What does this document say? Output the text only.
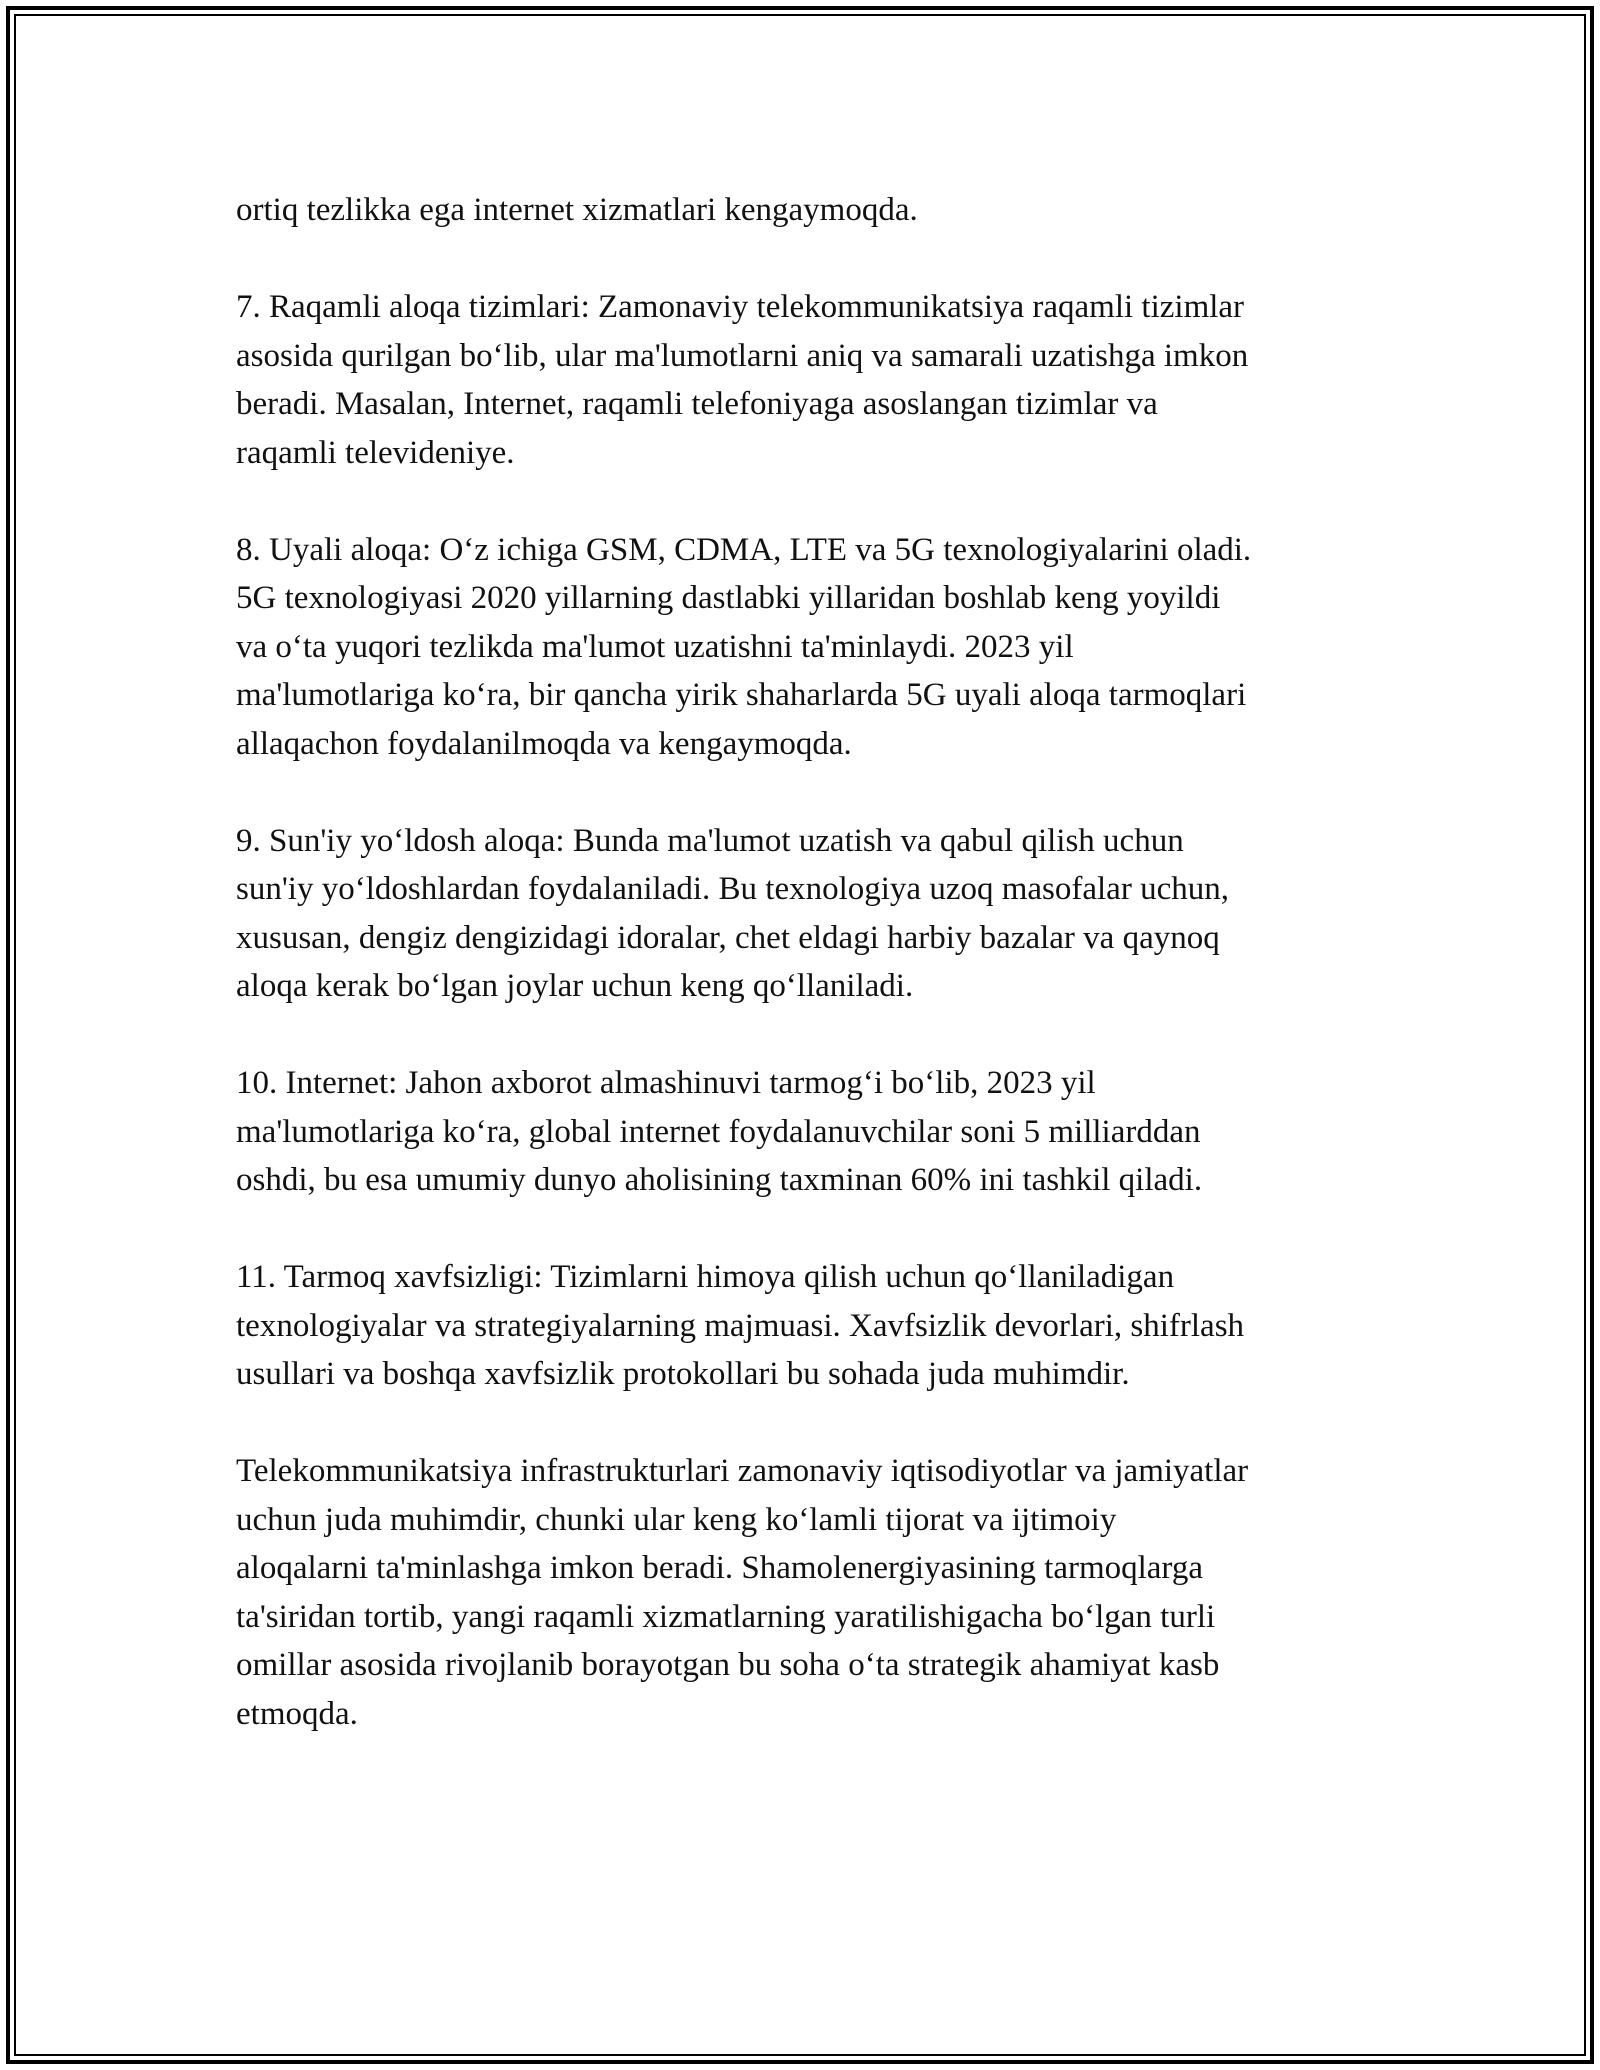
ortiq tezlikka ega internet xizmatlari kengaymoqda.

7. Raqamli aloqa tizimlari: Zamonaviy telekommunikatsiya raqamli tizimlar
asosida qurilgan bo‘lib, ular ma'lumotlarni aniq va samarali uzatishga imkon
beradi. Masalan, Internet, raqamli telefoniyaga asoslangan tizimlar va
raqamli televideniye.

8. Uyali aloqa: O‘z ichiga GSM, CDMA, LTE va 5G texnologiyalarini oladi.
5G texnologiyasi 2020 yillarning dastlabki yillaridan boshlab keng yoyildi
va o‘ta yuqori tezlikda ma'lumot uzatishni ta'minlaydi. 2023 yil
ma'lumotlariga ko‘ra, bir qancha yirik shaharlarda 5G uyali aloqa tarmoqlari
allaqachon foydalanilmoqda va kengaymoqda.

9. Sun'iy yo‘ldosh aloqa: Bunda ma'lumot uzatish va qabul qilish uchun
sun'iy yo‘ldoshlardan foydalaniladi. Bu texnologiya uzoq masofalar uchun,
xususan, dengiz dengizidagi idoralar, chet eldagi harbiy bazalar va qaynoq
aloqa kerak bo‘lgan joylar uchun keng qo‘llaniladi.

10. Internet: Jahon axborot almashinuvi tarmog‘i bo‘lib, 2023 yil
ma'lumotlariga ko‘ra, global internet foydalanuvchilar soni 5 milliarddan
oshdi, bu esa umumiy dunyo aholisining taxminan 60% ini tashkil qiladi.

11. Tarmoq xavfsizligi: Tizimlarni himoya qilish uchun qo‘llaniladigan
texnologiyalar va strategiyalarning majmuasi. Xavfsizlik devorlari, shifrlash
usullari va boshqa xavfsizlik protokollari bu sohada juda muhimdir.

Telekommunikatsiya infrastrukturlari zamonaviy iqtisodiyotlar va jamiyatlar
uchun juda muhimdir, chunki ular keng ko‘lamli tijorat va ijtimoiy
aloqalarni ta'minlashga imkon beradi. Shamolenergiyasining tarmoqlarga
ta'siridan tortib, yangi raqamli xizmatlarning yaratilishigacha bo‘lgan turli
omillar asosida rivojlanib borayotgan bu soha o‘ta strategik ahamiyat kasb
etmoqda.
